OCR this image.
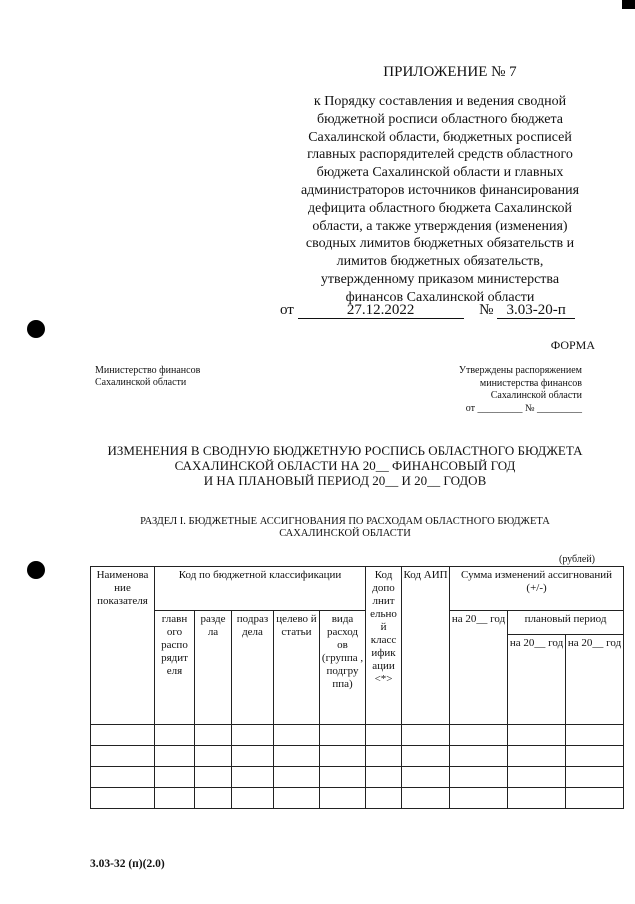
ПРИЛОЖЕНИЕ № 7
к Порядку составления и ведения сводной
бюджетной росписи областного бюджета
Сахалинской области, бюджетных росписей
главных распорядителей средств областного
бюджета Сахалинской области и главных
администраторов источников финансирования
дефицита областного бюджета Сахалинской
области, а также утверждения (изменения)
сводных лимитов бюджетных обязательств и
лимитов бюджетных обязательств,
утвержденному приказом министерства
финансов Сахалинской области
от	27.12.2022	№ 3.03-20-п
ФОРМА
Министерство финансов
Сахалинской области
Утверждены распоряжением
министерства финансов
Сахалинской области
от _________ № _________
ИЗМЕНЕНИЯ В СВОДНУЮ БЮДЖЕТНУЮ РОСПИСЬ ОБЛАСТНОГО БЮДЖЕТА
САХАЛИНСКОЙ ОБЛАСТИ НА 20__ ФИНАНСОВЫЙ ГОД
И НА ПЛАНОВЫЙ ПЕРИОД 20__ И 20__ ГОДОВ
РАЗДЕЛ I. БЮДЖЕТНЫЕ АССИГНОВАНИЯ ПО РАСХОДАМ ОБЛАСТНОГО БЮДЖЕТА
САХАЛИНСКОЙ ОБЛАСТИ
(рублей)
Наименова ние показателя	Код по бюджетной классификации					Код допо лнит ельно й класс ифик ации <*>	Код АИП	Сумма изменений ассигнований (+/-)		
	главн ого распо рядит еля	разде ла	подраз дела	целево й статьи	вида расход ов (группа , подгру ппа)			на 20__ год	плановый период	
									на 20__ год	на 20__ год

3.03-32 (п)(2.0)
